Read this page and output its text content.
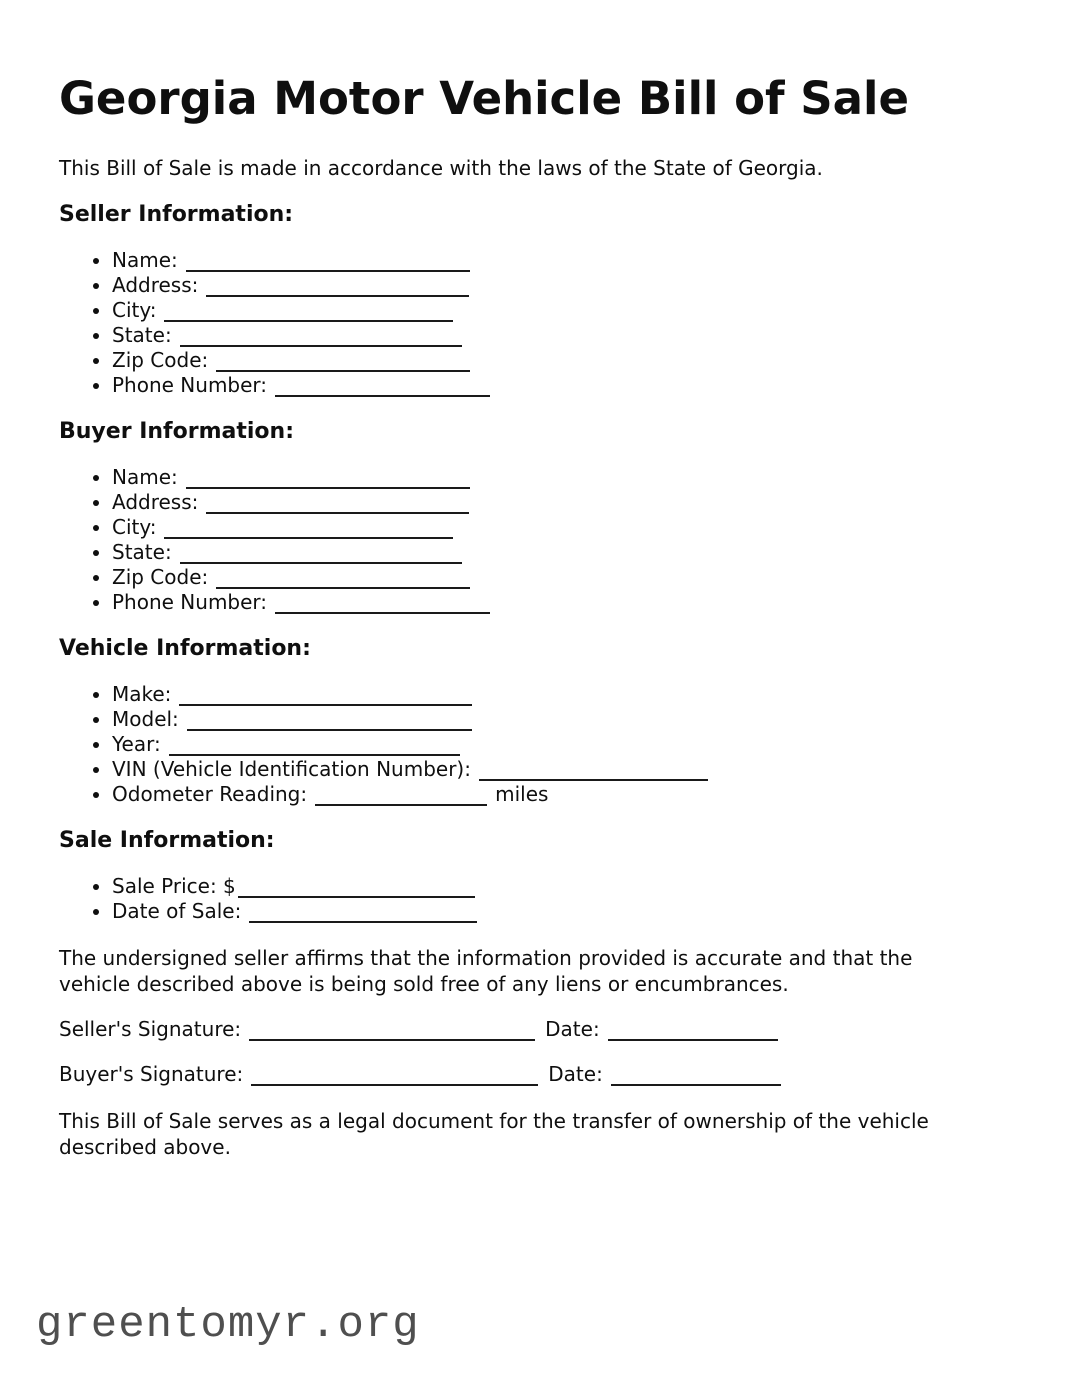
Georgia Motor Vehicle Bill of Sale

This Bill of Sale is made in accordance with the laws of the State of Georgia.

Seller Information:
• Name:
• Address:
• City:
• State:
• Zip Code:
• Phone Number:
Buyer Information:
• Name:
• Address:
• City:
• State:
• Zip Code:
• Phone Number:
Vehicle Information:
• Make:
• Model:
• Year:
• VIN (Vehicle Identification Number):
• Odometer Reading:	miles
Sale Information:
• Sale Price: $
• Date of Sale:

The undersigned seller affirms that the information provided is accurate and that the vehicle described above is being sold free of any liens or encumbrances.

Seller's Signature:	Date:

Buyer's Signature:	Date:

This Bill of Sale serves as a legal document for the transfer of ownership of the vehicle described above.

greentomyr.org
